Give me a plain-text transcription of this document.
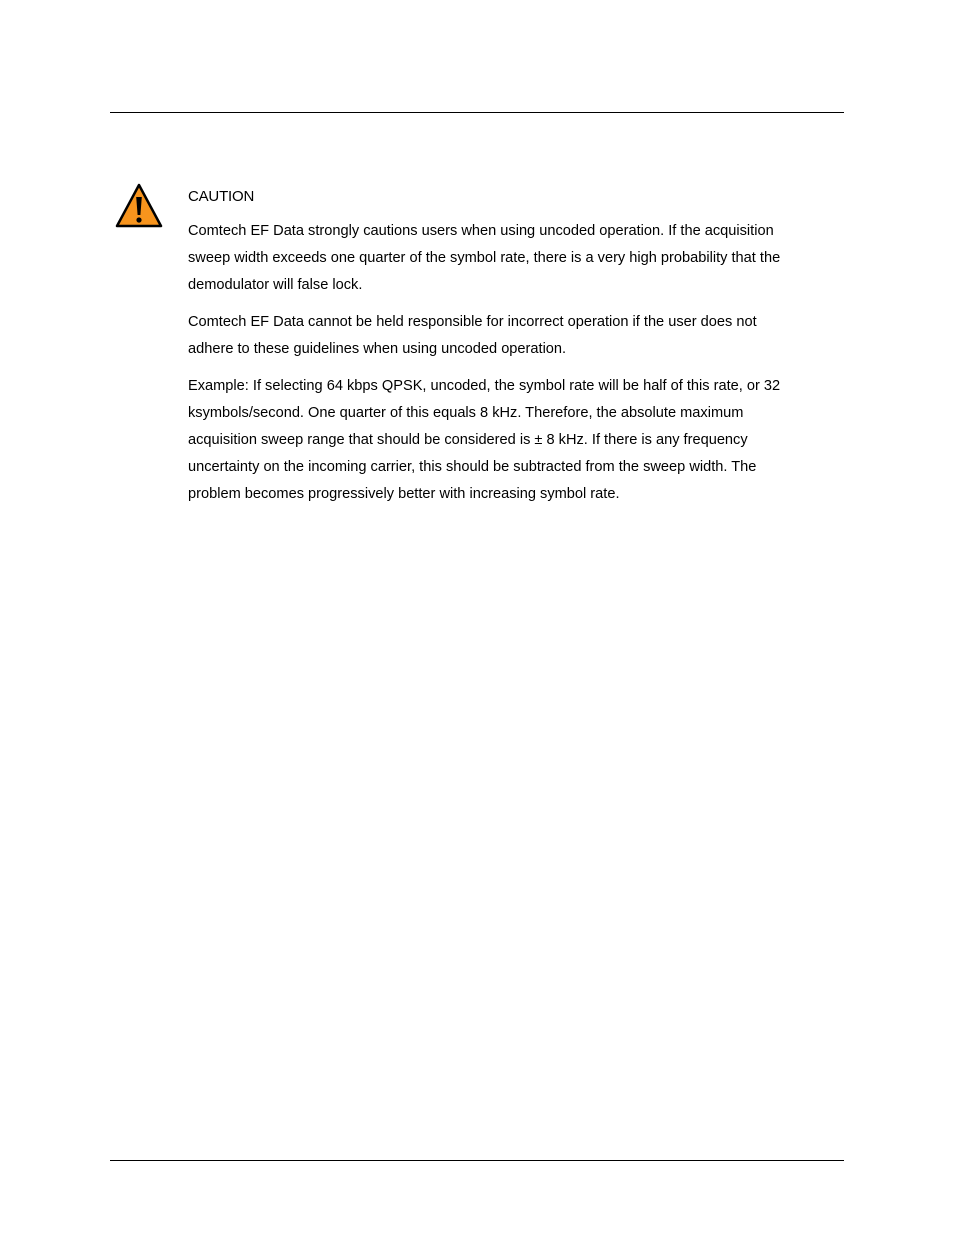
CAUTION

Comtech EF Data strongly cautions users when using uncoded operation. If the acquisition
sweep width exceeds one quarter of the symbol rate, there is a very high probability that the
demodulator will false lock.

Comtech EF Data cannot be held responsible for incorrect operation if the user does not
adhere to these guidelines when using uncoded operation.

Example: If selecting 64 kbps QPSK, uncoded, the symbol rate will be half of this rate, or 32
ksymbols/second. One quarter of this equals 8 kHz. Therefore, the absolute maximum
acquisition sweep range that should be considered is ± 8 kHz. If there is any frequency
uncertainty on the incoming carrier, this should be subtracted from the sweep width. The
problem becomes progressively better with increasing symbol rate.
